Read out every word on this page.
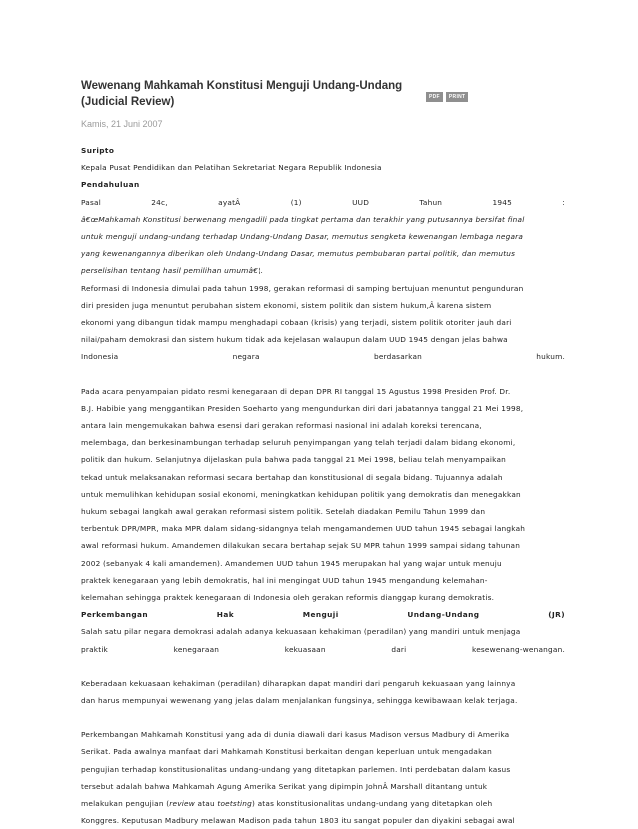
Wewenang Mahkamah Konstitusi Menguji Undang-Undang (Judicial Review)	PDF	PRINT
Kamis, 21 Juni 2007

Suripto

Kepala Pusat Pendidikan dan Pelatihan Sekretariat Negara Republik Indonesia

Pendahuluan

Pasal	24c,	ayatÂ	(1)	UUD	Tahun	1945	:

â€œMahkamah Konstitusi berwenang mengadili pada tingkat pertama dan terakhir yang putusannya bersifat final

untuk menguji undang-undang terhadap Undang-Undang Dasar, memutus sengketa kewenangan lembaga negara

yang kewenangannya diberikan oleh Undang-Undang Dasar, memutus pembubaran partai politik, dan memutus

perselisihan tentang hasil pemilihan umumâ€¦.

Reformasi di Indonesia dimulai pada tahun 1998, gerakan reformasi di samping bertujuan menuntut pengunduran

diri presiden juga menuntut perubahan sistem ekonomi, sistem politik dan sistem hukum,Â karena sistem

ekonomi yang dibangun tidak mampu menghadapi cobaan (krisis) yang terjadi, sistem politik otoriter jauh dari

nilai/paham demokrasi dan sistem hukum tidak ada kejelasan walaupun dalam UUD 1945 dengan jelas bahwa

Indonesia	negara	berdasarkan	hukum.

Pada acara penyampaian pidato resmi kenegaraan di depan DPR RI tanggal 15 Agustus 1998 Presiden Prof. Dr.

B.J. Habibie yang menggantikan Presiden Soeharto yang mengundurkan diri dari jabatannya tanggal 21 Mei 1998,

antara lain mengemukakan bahwa esensi dari gerakan reformasi nasional ini adalah koreksi terencana,

melembaga, dan berkesinambungan terhadap seluruh penyimpangan yang telah terjadi dalam bidang ekonomi,

politik dan hukum. Selanjutnya dijelaskan pula bahwa pada tanggal 21 Mei 1998, beliau telah menyampaikan

tekad untuk melaksanakan reformasi secara bertahap dan konstitusional di segala bidang. Tujuannya adalah

untuk memulihkan kehidupan sosial ekonomi, meningkatkan kehidupan politik yang demokratis dan menegakkan

hukum sebagai langkah awal gerakan reformasi sistem politik. Setelah diadakan Pemilu Tahun 1999 dan

terbentuk DPR/MPR, maka MPR dalam sidang-sidangnya telah mengamandemen UUD tahun 1945 sebagai langkah

awal reformasi hukum. Amandemen dilakukan secara bertahap sejak SU MPR tahun 1999 sampai sidang tahunan

2002 (sebanyak 4 kali amandemen). Amandemen UUD tahun 1945 merupakan hal yang wajar untuk menuju

praktek kenegaraan yang lebih demokratis, hal ini mengingat UUD tahun 1945 mengandung kelemahan-

kelemahan sehingga praktek kenegaraan di Indonesia oleh gerakan reformis dianggap kurang demokratis.

Perkembangan	Hak	Menguji	Undang-Undang	(JR)

Salah satu pilar negara demokrasi adalah adanya kekuasaan kehakiman (peradilan) yang mandiri untuk menjaga

praktik	kenegaraan	kekuasaan	dari	kesewenang-wenangan.

Keberadaan kekuasaan kehakiman (peradilan) diharapkan dapat mandiri dari pengaruh kekuasaan yang lainnya

dan harus mempunyai wewenang yang jelas dalam menjalankan fungsinya, sehingga kewibawaan kelak terjaga.

Perkembangan Mahkamah Konstitusi yang ada di dunia diawali dari kasus Madison versus Madbury di Amerika

Serikat. Pada awalnya manfaat dari Mahkamah Konstitusi berkaitan dengan keperluan untuk mengadakan

pengujian terhadap konstitusionalitas undang-undang yang ditetapkan parlemen. Inti perdebatan dalam kasus

tersebut adalah bahwa Mahkamah Agung Amerika Serikat yang dipimpin JohnÂ Marshall ditantang untuk

melakukan pengujian (review atau toetsting) atas konstitusionalitas undang-undang yang ditetapkan oleh

Konggres. Keputusan Madbury melawan Madison pada tahun 1803 itu sangat populer dan diyakini sebagai awal
